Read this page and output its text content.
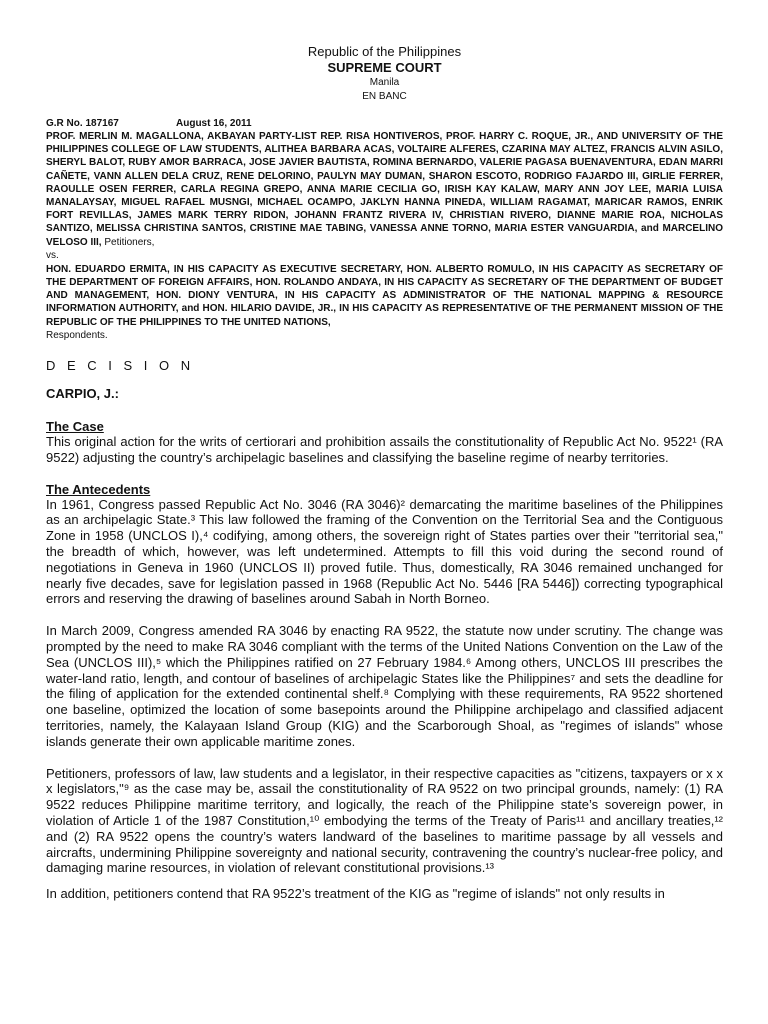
Republic of the Philippines
SUPREME COURT
Manila
EN BANC
G.R No. 187167	August 16, 2011
PROF. MERLIN M. MAGALLONA, AKBAYAN PARTY-LIST REP. RISA HONTIVEROS, PROF. HARRY C. ROQUE, JR., AND UNIVERSITY OF THE PHILIPPINES COLLEGE OF LAW STUDENTS, ALITHEA BARBARA ACAS, VOLTAIRE ALFERES, CZARINA MAY ALTEZ, FRANCIS ALVIN ASILO, SHERYL BALOT, RUBY AMOR BARRACA, JOSE JAVIER BAUTISTA, ROMINA BERNARDO, VALERIE PAGASA BUENAVENTURA, EDAN MARRI CAÑETE, VANN ALLEN DELA CRUZ, RENE DELORINO, PAULYN MAY DUMAN, SHARON ESCOTO, RODRIGO FAJARDO III, GIRLIE FERRER, RAOULLE OSEN FERRER, CARLA REGINA GREPO, ANNA MARIE CECILIA GO, IRISH KAY KALAW, MARY ANN JOY LEE, MARIA LUISA MANALAYSAY, MIGUEL RAFAEL MUSNGI, MICHAEL OCAMPO, JAKLYN HANNA PINEDA, WILLIAM RAGAMAT, MARICAR RAMOS, ENRIK FORT REVILLAS, JAMES MARK TERRY RIDON, JOHANN FRANTZ RIVERA IV, CHRISTIAN RIVERO, DIANNE MARIE ROA, NICHOLAS SANTIZO, MELISSA CHRISTINA SANTOS, CRISTINE MAE TABING, VANESSA ANNE TORNO, MARIA ESTER VANGUARDIA, and MARCELINO VELOSO III, Petitioners,
vs.
HON. EDUARDO ERMITA, IN HIS CAPACITY AS EXECUTIVE SECRETARY, HON. ALBERTO ROMULO, IN HIS CAPACITY AS SECRETARY OF THE DEPARTMENT OF FOREIGN AFFAIRS, HON. ROLANDO ANDAYA, IN HIS CAPACITY AS SECRETARY OF THE DEPARTMENT OF BUDGET AND MANAGEMENT, HON. DIONY VENTURA, IN HIS CAPACITY AS ADMINISTRATOR OF THE NATIONAL MAPPING & RESOURCE INFORMATION AUTHORITY, and HON. HILARIO DAVIDE, JR., IN HIS CAPACITY AS REPRESENTATIVE OF THE PERMANENT MISSION OF THE REPUBLIC OF THE PHILIPPINES TO THE UNITED NATIONS,
Respondents.
D E C I S I O N
CARPIO, J.:
The Case
This original action for the writs of certiorari and prohibition assails the constitutionality of Republic Act No. 9522¹ (RA 9522) adjusting the country’s archipelagic baselines and classifying the baseline regime of nearby territories.
The Antecedents
In 1961, Congress passed Republic Act No. 3046 (RA 3046)² demarcating the maritime baselines of the Philippines as an archipelagic State.³ This law followed the framing of the Convention on the Territorial Sea and the Contiguous Zone in 1958 (UNCLOS I),⁴ codifying, among others, the sovereign right of States parties over their "territorial sea," the breadth of which, however, was left undetermined. Attempts to fill this void during the second round of negotiations in Geneva in 1960 (UNCLOS II) proved futile. Thus, domestically, RA 3046 remained unchanged for nearly five decades, save for legislation passed in 1968 (Republic Act No. 5446 [RA 5446]) correcting typographical errors and reserving the drawing of baselines around Sabah in North Borneo.
In March 2009, Congress amended RA 3046 by enacting RA 9522, the statute now under scrutiny. The change was prompted by the need to make RA 3046 compliant with the terms of the United Nations Convention on the Law of the Sea (UNCLOS III),⁵ which the Philippines ratified on 27 February 1984.⁶ Among others, UNCLOS III prescribes the water-land ratio, length, and contour of baselines of archipelagic States like the Philippines⁷ and sets the deadline for the filing of application for the extended continental shelf.⁸ Complying with these requirements, RA 9522 shortened one baseline, optimized the location of some basepoints around the Philippine archipelago and classified adjacent territories, namely, the Kalayaan Island Group (KIG) and the Scarborough Shoal, as "regimes of islands" whose islands generate their own applicable maritime zones.
Petitioners, professors of law, law students and a legislator, in their respective capacities as "citizens, taxpayers or x x x legislators,"⁹ as the case may be, assail the constitutionality of RA 9522 on two principal grounds, namely: (1) RA 9522 reduces Philippine maritime territory, and logically, the reach of the Philippine state’s sovereign power, in violation of Article 1 of the 1987 Constitution,¹⁰ embodying the terms of the Treaty of Paris¹¹ and ancillary treaties,¹² and (2) RA 9522 opens the country’s waters landward of the baselines to maritime passage by all vessels and aircrafts, undermining Philippine sovereignty and national security, contravening the country’s nuclear-free policy, and damaging marine resources, in violation of relevant constitutional provisions.¹³
In addition, petitioners contend that RA 9522’s treatment of the KIG as "regime of islands" not only results in
